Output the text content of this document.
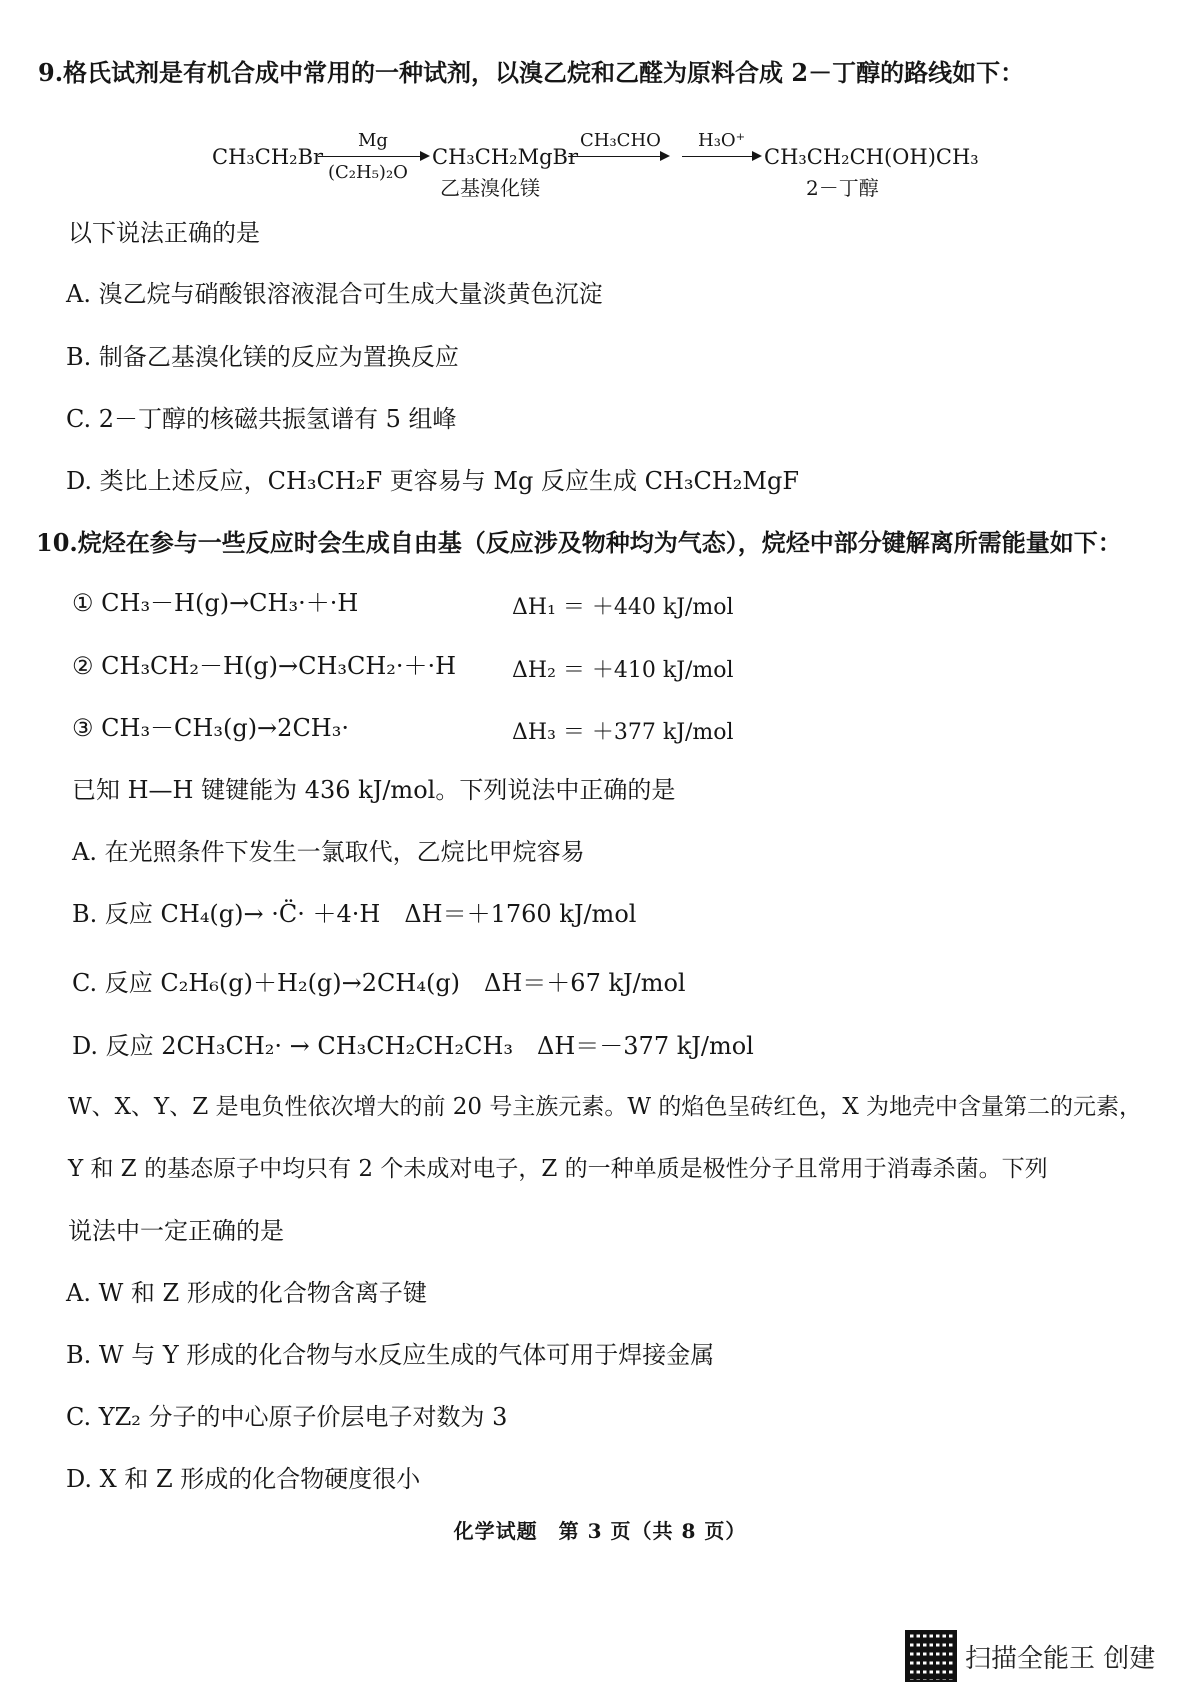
9.格氏试剂是有机合成中常用的一种试剂，以溴乙烷和乙醛为原料合成 2－丁醇的路线如下：
CH₃CH₂Br
Mg
(C₂H₅)₂O
CH₃CH₂MgBr
乙基溴化镁
CH₃CHO H₃O⁺
CH₃CH₂CH(OH)CH₃
2－丁醇
以下说法正确的是
A. 溴乙烷与硝酸银溶液混合可生成大量淡黄色沉淀
B. 制备乙基溴化镁的反应为置换反应
C. 2－丁醇的核磁共振氢谱有 5 组峰
D. 类比上述反应，CH₃CH₂F 更容易与 Mg 反应生成 CH₃CH₂MgF
10.烷烃在参与一些反应时会生成自由基（反应涉及物种均为气态），烷烃中部分键解离所需能量如下：
① CH₃－H(g)→CH₃·＋·H	ΔH₁ ＝ ＋440 kJ/mol
② CH₃CH₂－H(g)→CH₃CH₂·＋·H	ΔH₂ ＝ ＋410 kJ/mol
③ CH₃－CH₃(g)→2CH₃·	ΔH₃ ＝ ＋377 kJ/mol
已知 H—H 键键能为 436 kJ/mol。下列说法中正确的是
A. 在光照条件下发生一氯取代，乙烷比甲烷容易
B. 反应 CH₄(g)→ ·C̈· ＋4·H　ΔH＝＋1760 kJ/mol
C. 反应 C₂H₆(g)＋H₂(g)→2CH₄(g)　ΔH＝＋67 kJ/mol
D. 反应 2CH₃CH₂· → CH₃CH₂CH₂CH₃　ΔH＝－377 kJ/mol
W、X、Y、Z 是电负性依次增大的前 20 号主族元素。W 的焰色呈砖红色，X 为地壳中含量第二的元素，
Y 和 Z 的基态原子中均只有 2 个未成对电子，Z 的一种单质是极性分子且常用于消毒杀菌。下列
说法中一定正确的是
A. W 和 Z 形成的化合物含离子键
B. W 与 Y 形成的化合物与水反应生成的气体可用于焊接金属
C. YZ₂ 分子的中心原子价层电子对数为 3
D. X 和 Z 形成的化合物硬度很小
化学试题　第 3 页（共 8 页）
扫描全能王 创建
